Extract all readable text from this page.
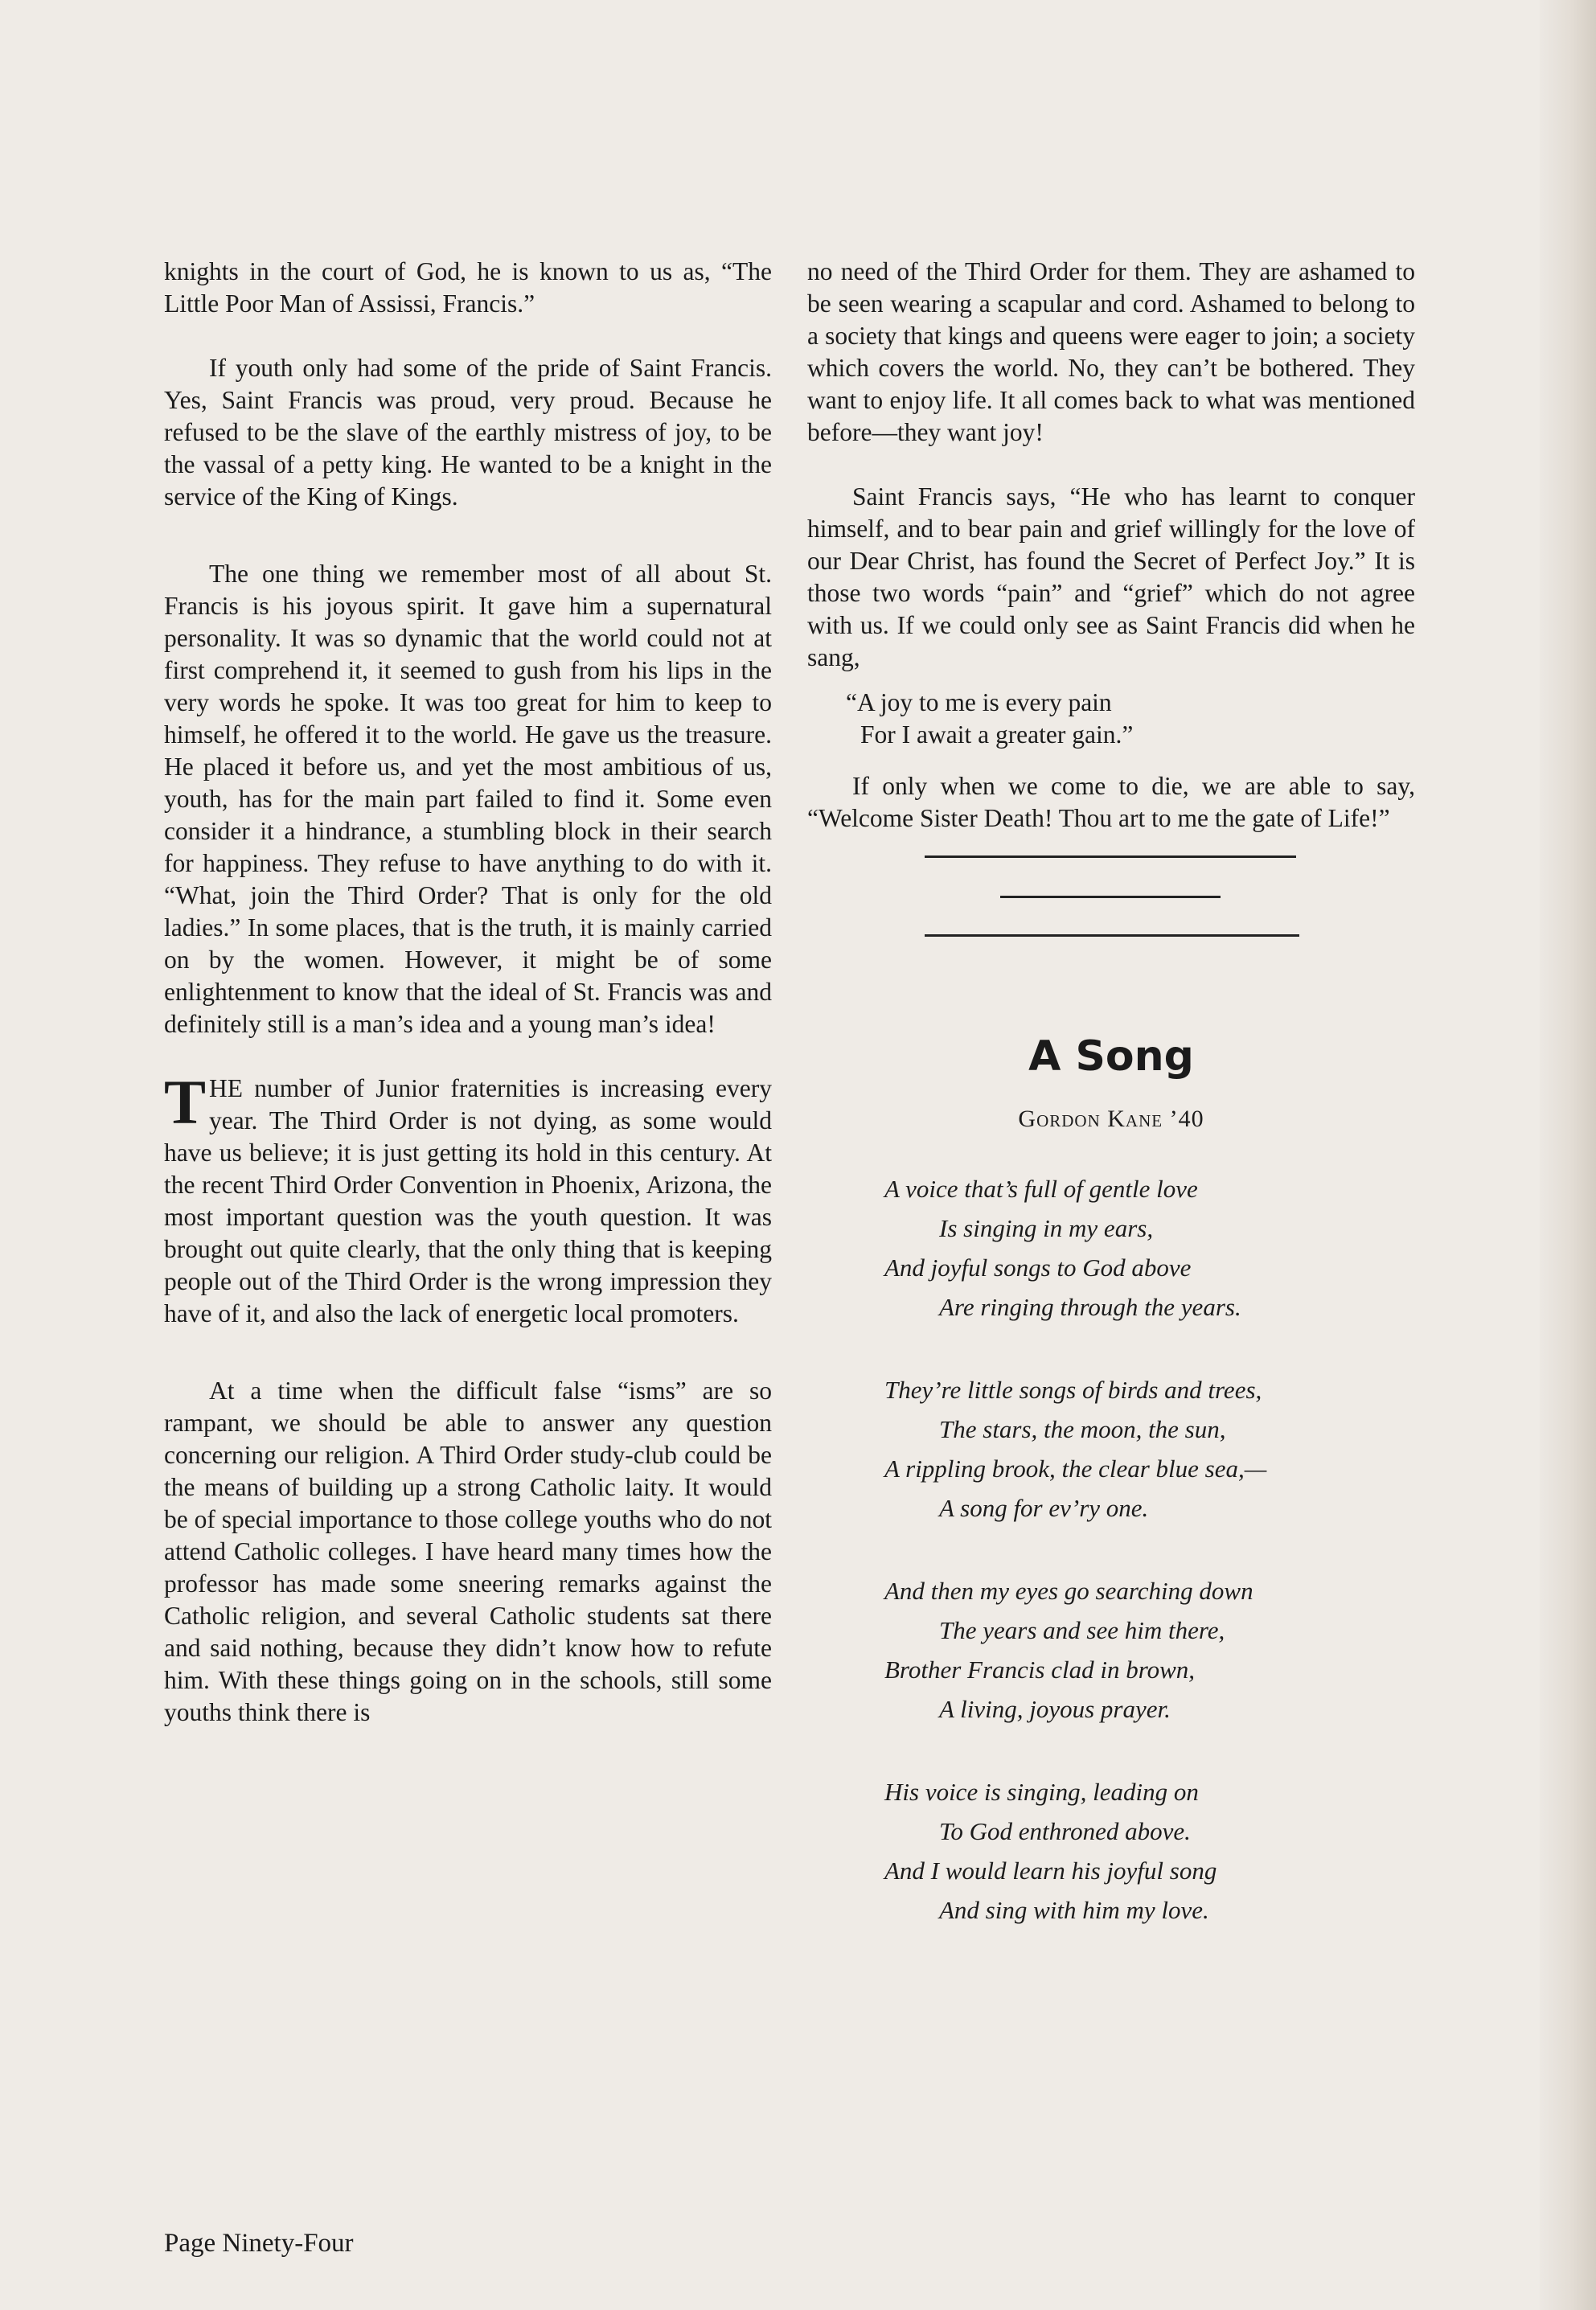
knights in the court of God, he is known to us as, “The Little Poor Man of Assissi, Francis.”

If youth only had some of the pride of Saint Francis. Yes, Saint Francis was proud, very proud. Because he refused to be the slave of the earthly mistress of joy, to be the vassal of a petty king. He wanted to be a knight in the service of the King of Kings.

The one thing we remember most of all about St. Francis is his joyous spirit. It gave him a supernatural personality. It was so dynamic that the world could not at first comprehend it, it seemed to gush from his lips in the very words he spoke. It was too great for him to keep to himself, he offered it to the world. He gave us the treasure. He placed it before us, and yet the most ambitious of us, youth, has for the main part failed to find it. Some even consider it a hindrance, a stumbling block in their search for happiness. They refuse to have anything to do with it. “What, join the Third Order? That is only for the old ladies.” In some places, that is the truth, it is mainly carried on by the women. However, it might be of some enlightenment to know that the ideal of St. Francis was and definitely still is a man’s idea and a young man’s idea!

THE number of Junior fraternities is increasing every year. The Third Order is not dying, as some would have us believe; it is just getting its hold in this century. At the recent Third Order Convention in Phoenix, Arizona, the most important question was the youth question. It was brought out quite clearly, that the only thing that is keeping people out of the Third Order is the wrong impression they have of it, and also the lack of energetic local promoters.

At a time when the difficult false “isms” are so rampant, we should be able to answer any question concerning our religion. A Third Order study-club could be the means of building up a strong Catholic laity. It would be of special importance to those college youths who do not attend Catholic colleges. I have heard many times how the professor has made some sneering remarks against the Catholic religion, and several Catholic students sat there and said nothing, because they didn’t know how to refute him. With these things going on in the schools, still some youths think there is

no need of the Third Order for them. They are ashamed to be seen wearing a scapular and cord. Ashamed to belong to a society that kings and queens were eager to join; a society which covers the world. No, they can’t be bothered. They want to enjoy life. It all comes back to what was mentioned before—they want joy!

Saint Francis says, “He who has learnt to conquer himself, and to bear pain and grief willingly for the love of our Dear Christ, has found the Secret of Perfect Joy.” It is those two words “pain” and “grief” which do not agree with us. If we could only see as Saint Francis did when he sang,

“A joy to me is every pain
For I await a greater gain.”

If only when we come to die, we are able to say, “Welcome Sister Death! Thou art to me the gate of Life!”

A Song
Gordon Kane ’40
A voice that’s full of gentle love
Is singing in my ears,
And joyful songs to God above
Are ringing through the years.
They’re little songs of birds and trees,
The stars, the moon, the sun,
A rippling brook, the clear blue sea,—
A song for ev’ry one.
And then my eyes go searching down
The years and see him there,
Brother Francis clad in brown,
A living, joyous prayer.
His voice is singing, leading on
To God enthroned above.
And I would learn his joyful song
And sing with him my love.
Page Ninety-Four
